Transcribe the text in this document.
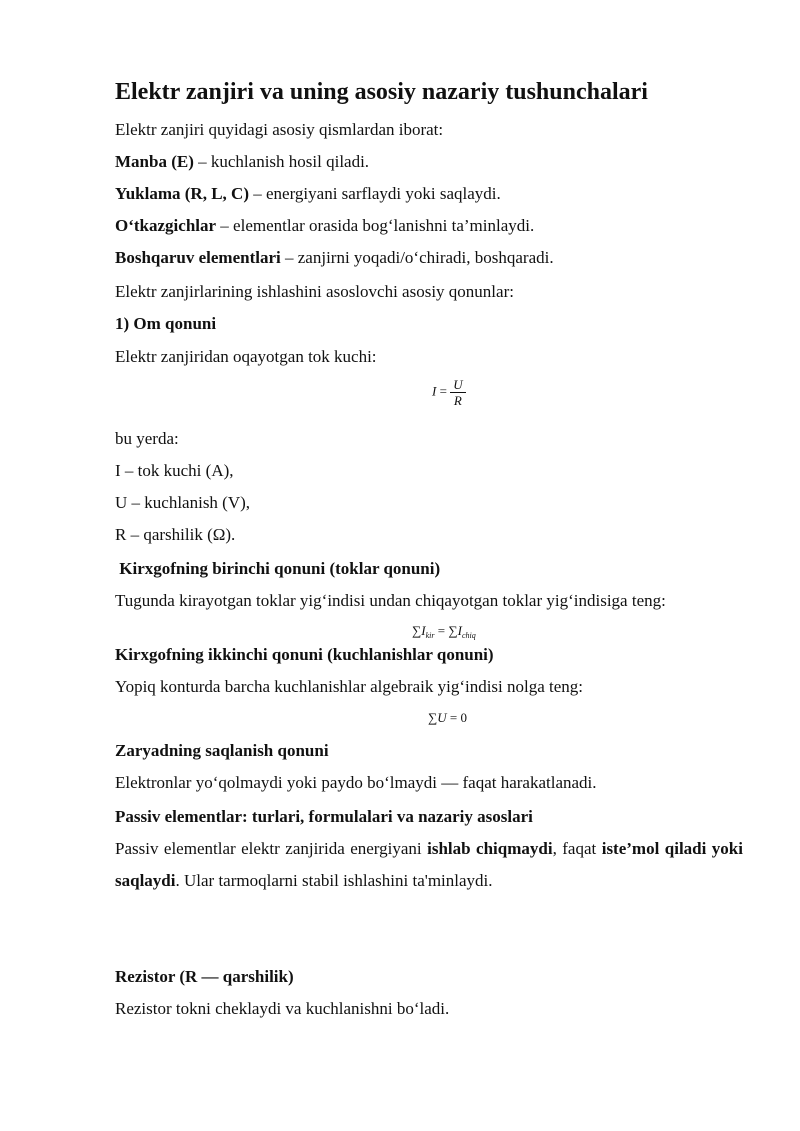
Elektr zanjiri va uning asosiy nazariy tushunchalari
Elektr zanjiri quyidagi asosiy qismlardan iborat:
Manba (E) – kuchlanish hosil qiladi.
Yuklama (R, L, C) – energiyani sarflaydi yoki saqlaydi.
O‘tkazgichlar – elementlar orasida bog‘lanishni ta’minlaydi.
Boshqaruv elementlari – zanjirni yoqadi/o‘chiradi, boshqaradi.
Elektr zanjirlarining ishlashini asoslovchi asosiy qonunlar:
1) Om qonuni
Elektr zanjiridan oqayotgan tok kuchi:
$I = \frac{U}{R}$
bu yerda:
I – tok kuchi (A),
U – kuchlanish (V),
R – qarshilik (Ω).
Kirxgofning birinchi qonuni (toklar qonuni)
Tugunda kirayotgan toklar yig‘indisi undan chiqayotgan toklar yig‘indisiga teng:
$\sum I_{kir} = \sum I_{chiq}$
Kirxgofning ikkinchi qonuni (kuchlanishlar qonuni)
Yopiq konturda barcha kuchlanishlar algebraik yig‘indisi nolga teng:
∑U = 0
Zaryadning saqlanish qonuni
Elektronlar yo‘qolmaydi yoki paydo bo‘lmaydi — faqat harakatlanadi.
Passiv elementlar: turlari, formulalari va nazariy asoslari
Passiv elementlar elektr zanjirida energiyani ishlab chiqmaydi, faqat iste’mol qiladi yoki saqlaydi. Ular tarmoqlarni stabil ishlashini ta'minlaydi.
Rezistor (R — qarshilik)
Rezistor tokni cheklaydi va kuchlanishni bo‘ladi.
